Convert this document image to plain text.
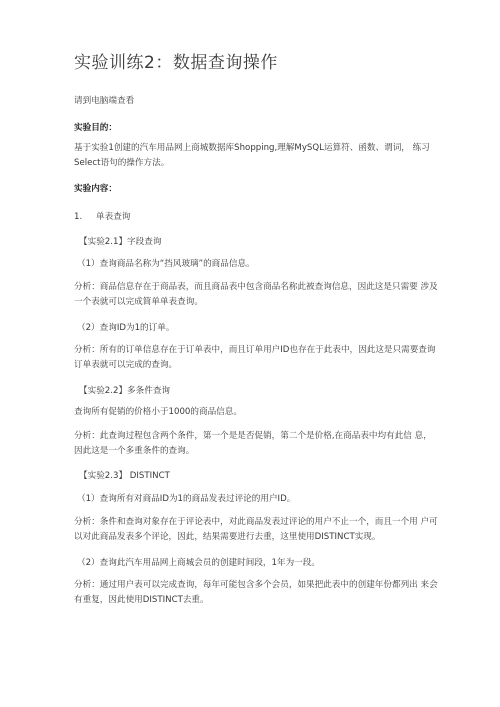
实验训练2：数据查询操作
请到电脑端查看
实验目的：
基于实验1创建的汽车用品网上商城数据库Shopping,理解MySQL运算符、函数、谓词， 练习Select语句的操作方法。
实验内容：
1. 单表查询
【实验2.1】字段查询
（1）查询商品名称为“挡风玻璃”的商品信息。
分析：商品信息存在于商品表，而且商品表中包含商品名称此被查询信息，因此这是只需要 涉及一个表就可以完成简单单表查询。
（2）查询ID为1的订单。
分析：所有的订单信息存在于订单表中，而且订单用户ID也存在于此表中，因此这是只需要查询订单表就可以完成的查询。
【实验2.2】多条件查询
查询所有促销的价格小于1000的商品信息。
分析：此查询过程包含两个条件，第一个是是否促销，第二个是价格,在商品表中均有此信 息，因此这是一个多重条件的查询。
【实验2.3】 DISTINCT
（1）查询所有对商品ID为1的商品发表过评论的用户ID。
分析：条件和查询对象存在于评论表中，对此商品发表过评论的用户不止一个，而且一个用 户可以对此商品发表多个评论，因此，结果需要进行去重，这里使用DISTINCT实现。
（2）查询此汽车用品网上商城会员的创建时间段，1年为一段。
分析：通过用户表可以完成查询，每年可能包含多个会员，如果把此表中的创建年份都列出 来会有重复，因此使用DISTINCT去重。
